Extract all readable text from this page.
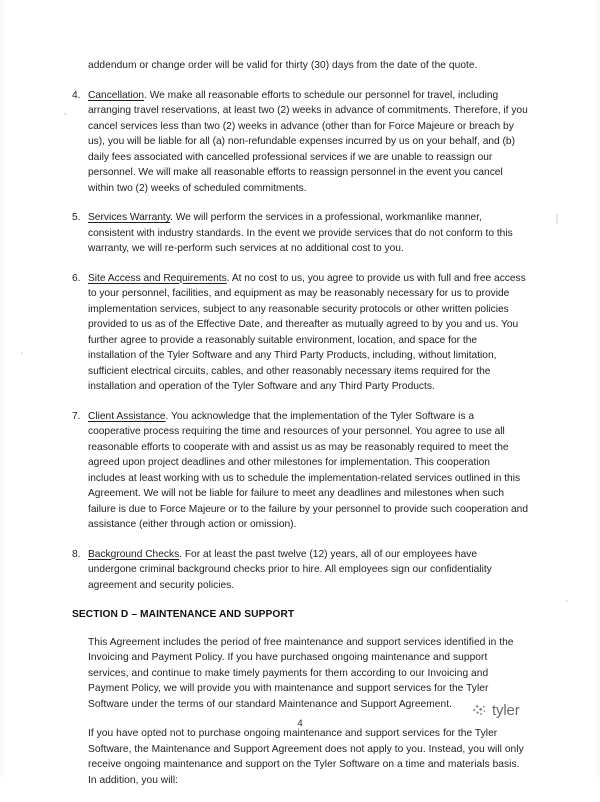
addendum or change order will be valid for thirty (30) days from the date of the quote.

4. Cancellation. We make all reasonable efforts to schedule our personnel for travel, including arranging travel reservations, at least two (2) weeks in advance of commitments. Therefore, if you cancel services less than two (2) weeks in advance (other than for Force Majeure or breach by us), you will be liable for all (a) non-refundable expenses incurred by us on your behalf, and (b) daily fees associated with cancelled professional services if we are unable to reassign our personnel. We will make all reasonable efforts to reassign personnel in the event you cancel within two (2) weeks of scheduled commitments.
5. Services Warranty. We will perform the services in a professional, workmanlike manner, consistent with industry standards. In the event we provide services that do not conform to this warranty, we will re-perform such services at no additional cost to you.
6. Site Access and Requirements. At no cost to us, you agree to provide us with full and free access to your personnel, facilities, and equipment as may be reasonably necessary for us to provide implementation services, subject to any reasonable security protocols or other written policies provided to us as of the Effective Date, and thereafter as mutually agreed to by you and us. You further agree to provide a reasonably suitable environment, location, and space for the installation of the Tyler Software and any Third Party Products, including, without limitation, sufficient electrical circuits, cables, and other reasonably necessary items required for the installation and operation of the Tyler Software and any Third Party Products.
7. Client Assistance. You acknowledge that the implementation of the Tyler Software is a cooperative process requiring the time and resources of your personnel. You agree to use all reasonable efforts to cooperate with and assist us as may be reasonably required to meet the agreed upon project deadlines and other milestones for implementation. This cooperation includes at least working with us to schedule the implementation-related services outlined in this Agreement. We will not be liable for failure to meet any deadlines and milestones when such failure is due to Force Majeure or to the failure by your personnel to provide such cooperation and assistance (either through action or omission).
8. Background Checks. For at least the past twelve (12) years, all of our employees have undergone criminal background checks prior to hire. All employees sign our confidentiality agreement and security policies.
SECTION D – MAINTENANCE AND SUPPORT

This Agreement includes the period of free maintenance and support services identified in the Invoicing and Payment Policy. If you have purchased ongoing maintenance and support services, and continue to make timely payments for them according to our Invoicing and Payment Policy, we will provide you with maintenance and support services for the Tyler Software under the terms of our standard Maintenance and Support Agreement.

If you have opted not to purchase ongoing maintenance and support services for the Tyler Software, the Maintenance and Support Agreement does not apply to you. Instead, you will only receive ongoing maintenance and support on the Tyler Software on a time and materials basis. In addition, you will:

4
tyler
